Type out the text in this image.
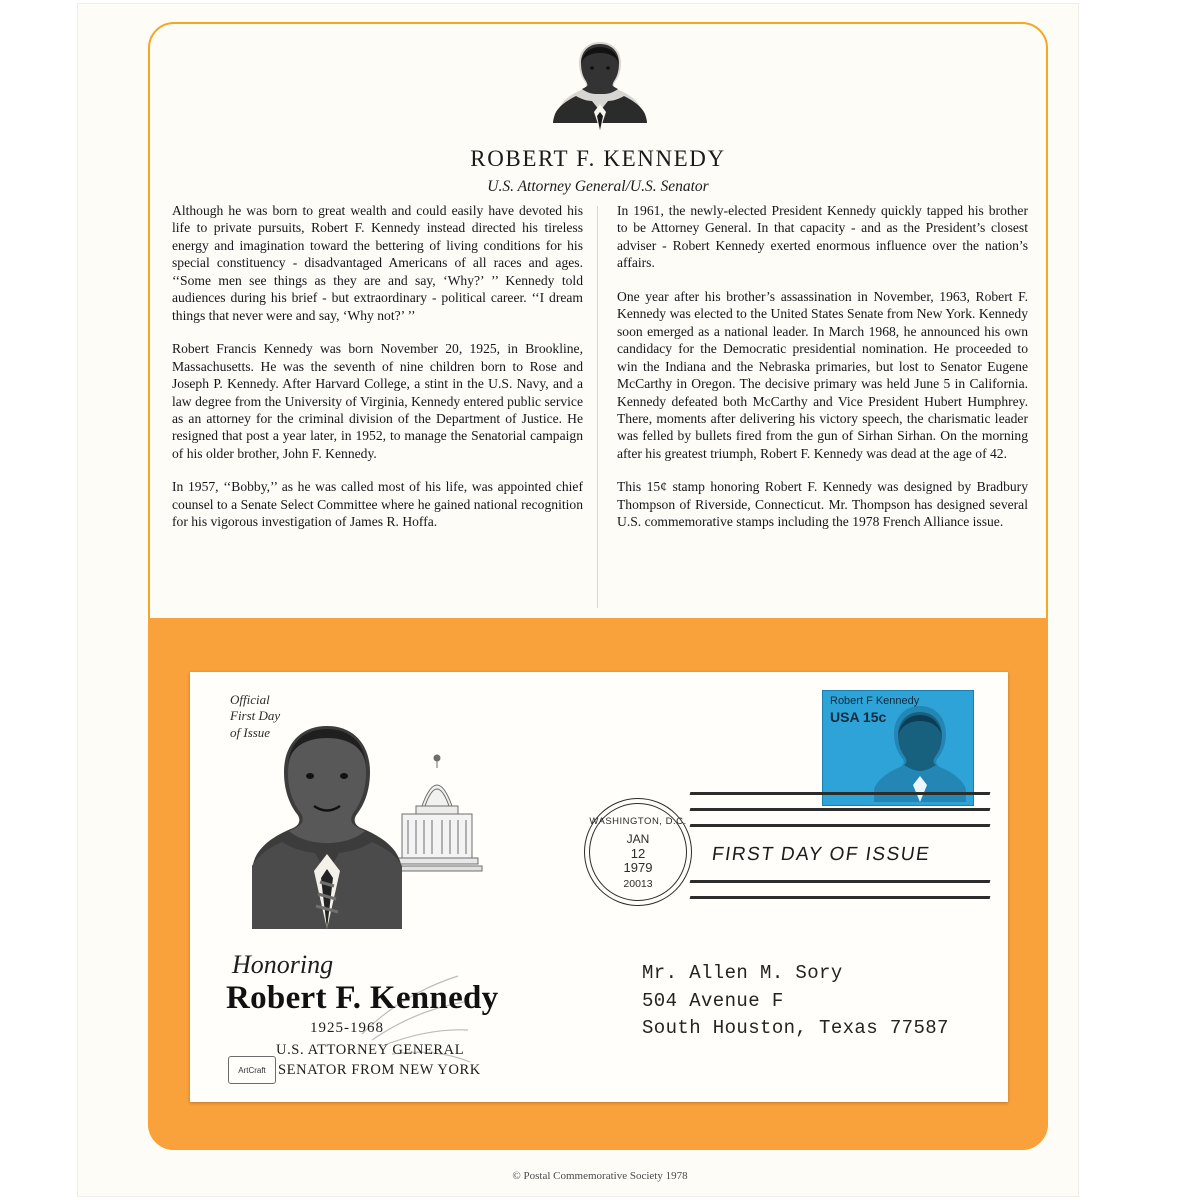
ROBERT F. KENNEDY
U.S. Attorney General/U.S. Senator

Although he was born to great wealth and could easily have devoted his life to private pursuits, Robert F. Kennedy instead directed his tireless energy and imagination toward the bettering of living conditions for his special constituency - disadvantaged Americans of all races and ages. ‘‘Some men see things as they are and say, ‘Why?’ ’’ Kennedy told audiences during his brief - but extraordinary - political career. ‘‘I dream things that never were and say, ‘Why not?’ ’’

Robert Francis Kennedy was born November 20, 1925, in Brookline, Massachusetts. He was the seventh of nine children born to Rose and Joseph P. Kennedy. After Harvard College, a stint in the U.S. Navy, and a law degree from the University of Virginia, Kennedy entered public service as an attorney for the criminal division of the Department of Justice. He resigned that post a year later, in 1952, to manage the Senatorial campaign of his older brother, John F. Kennedy.

In 1957, ‘‘Bobby,’’ as he was called most of his life, was appointed chief counsel to a Senate Select Committee where he gained national recognition for his vigorous investigation of James R. Hoffa.

In 1961, the newly-elected President Kennedy quickly tapped his brother to be Attorney General. In that capacity - and as the President’s closest adviser - Robert Kennedy exerted enormous influence over the nation’s affairs.

One year after his brother’s assassination in November, 1963, Robert F. Kennedy was elected to the United States Senate from New York. Kennedy soon emerged as a national leader. In March 1968, he announced his own candidacy for the Democratic presidential nomination. He proceeded to win the Indiana and the Nebraska primaries, but lost to Senator Eugene McCarthy in Oregon. The decisive primary was held June 5 in California. Kennedy defeated both McCarthy and Vice President Hubert Humphrey. There, moments after delivering his victory speech, the charismatic leader was felled by bullets fired from the gun of Sirhan Sirhan. On the morning after his greatest triumph, Robert F. Kennedy was dead at the age of 42.

This 15¢ stamp honoring Robert F. Kennedy was designed by Bradbury Thompson of Riverside, Connecticut. Mr. Thompson has designed several U.S. commemorative stamps including the 1978 French Alliance issue.

Official
First Day
of Issue
Honoring
Robert F. Kennedy
1925-1968
U.S. ATTORNEY GENERAL
SENATOR FROM NEW YORK
ArtCraft
Robert F Kennedy
USA 15c
WASHINGTON, D.C.
JAN
12
1979
20013
FIRST DAY OF ISSUE
Mr. Allen M. Sory
504 Avenue F
South Houston, Texas 77587
© Postal Commemorative Society 1978
